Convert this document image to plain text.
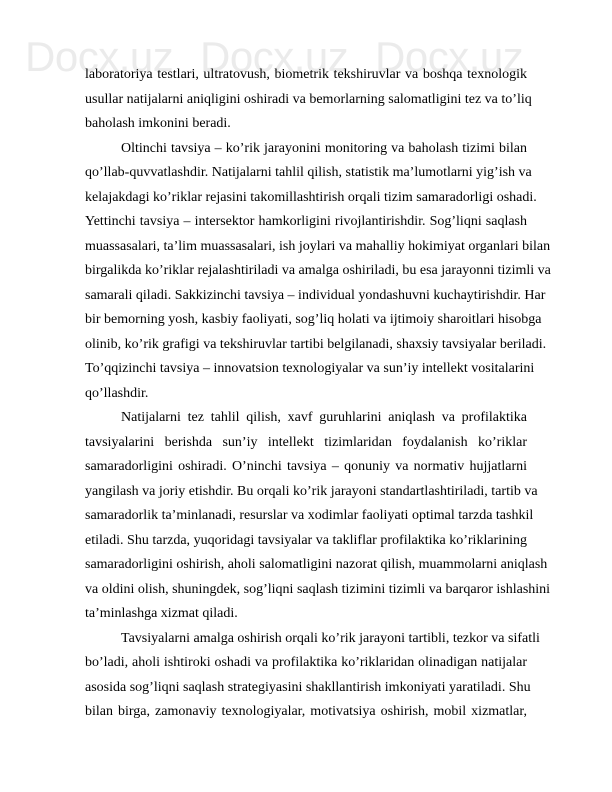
Docx.uz Docx.uz Docx.uz
laboratoriya testlari, ultratovush, biometrik tekshiruvlar va boshqa texnologik
usullar natijalarni aniqligini oshiradi va bemorlarning salomatligini tez va to’liq
baholash imkonini beradi.
Oltinchi tavsiya – ko’rik jarayonini monitoring va baholash tizimi bilan
qo’llab-quvvatlashdir. Natijalarni tahlil qilish, statistik ma’lumotlarni yig’ish va
kelajakdagi ko’riklar rejasini takomillashtirish orqali tizim samaradorligi oshadi.
Yettinchi tavsiya – intersektor hamkorligini rivojlantirishdir. Sog’liqni saqlash
muassasalari, ta’lim muassasalari, ish joylari va mahalliy hokimiyat organlari bilan
birgalikda ko’riklar rejalashtiriladi va amalga oshiriladi, bu esa jarayonni tizimli va
samarali qiladi. Sakkizinchi tavsiya – individual yondashuvni kuchaytirishdir. Har
bir bemorning yosh, kasbiy faoliyati, sog’liq holati va ijtimoiy sharoitlari hisobga
olinib, ko’rik grafigi va tekshiruvlar tartibi belgilanadi, shaxsiy tavsiyalar beriladi.
To’qqizinchi tavsiya – innovatsion texnologiyalar va sun’iy intellekt vositalarini
qo’llashdir.
Natijalarni tez tahlil qilish, xavf guruhlarini aniqlash va profilaktika
tavsiyalarini berishda sun’iy intellekt tizimlaridan foydalanish ko’riklar
samaradorligini oshiradi. O’ninchi tavsiya – qonuniy va normativ hujjatlarni
yangilash va joriy etishdir. Bu orqali ko’rik jarayoni standartlashtiriladi, tartib va
samaradorlik ta’minlanadi, resurslar va xodimlar faoliyati optimal tarzda tashkil
etiladi. Shu tarzda, yuqoridagi tavsiyalar va takliflar profilaktika ko’riklarining
samaradorligini oshirish, aholi salomatligini nazorat qilish, muammolarni aniqlash
va oldini olish, shuningdek, sog’liqni saqlash tizimini tizimli va barqaror ishlashini
ta’minlashga xizmat qiladi.
Tavsiyalarni amalga oshirish orqali ko’rik jarayoni tartibli, tezkor va sifatli
bo’ladi, aholi ishtiroki oshadi va profilaktika ko’riklaridan olinadigan natijalar
asosida sog’liqni saqlash strategiyasini shakllantirish imkoniyati yaratiladi. Shu
bilan birga, zamonaviy texnologiyalar, motivatsiya oshirish, mobil xizmatlar,
